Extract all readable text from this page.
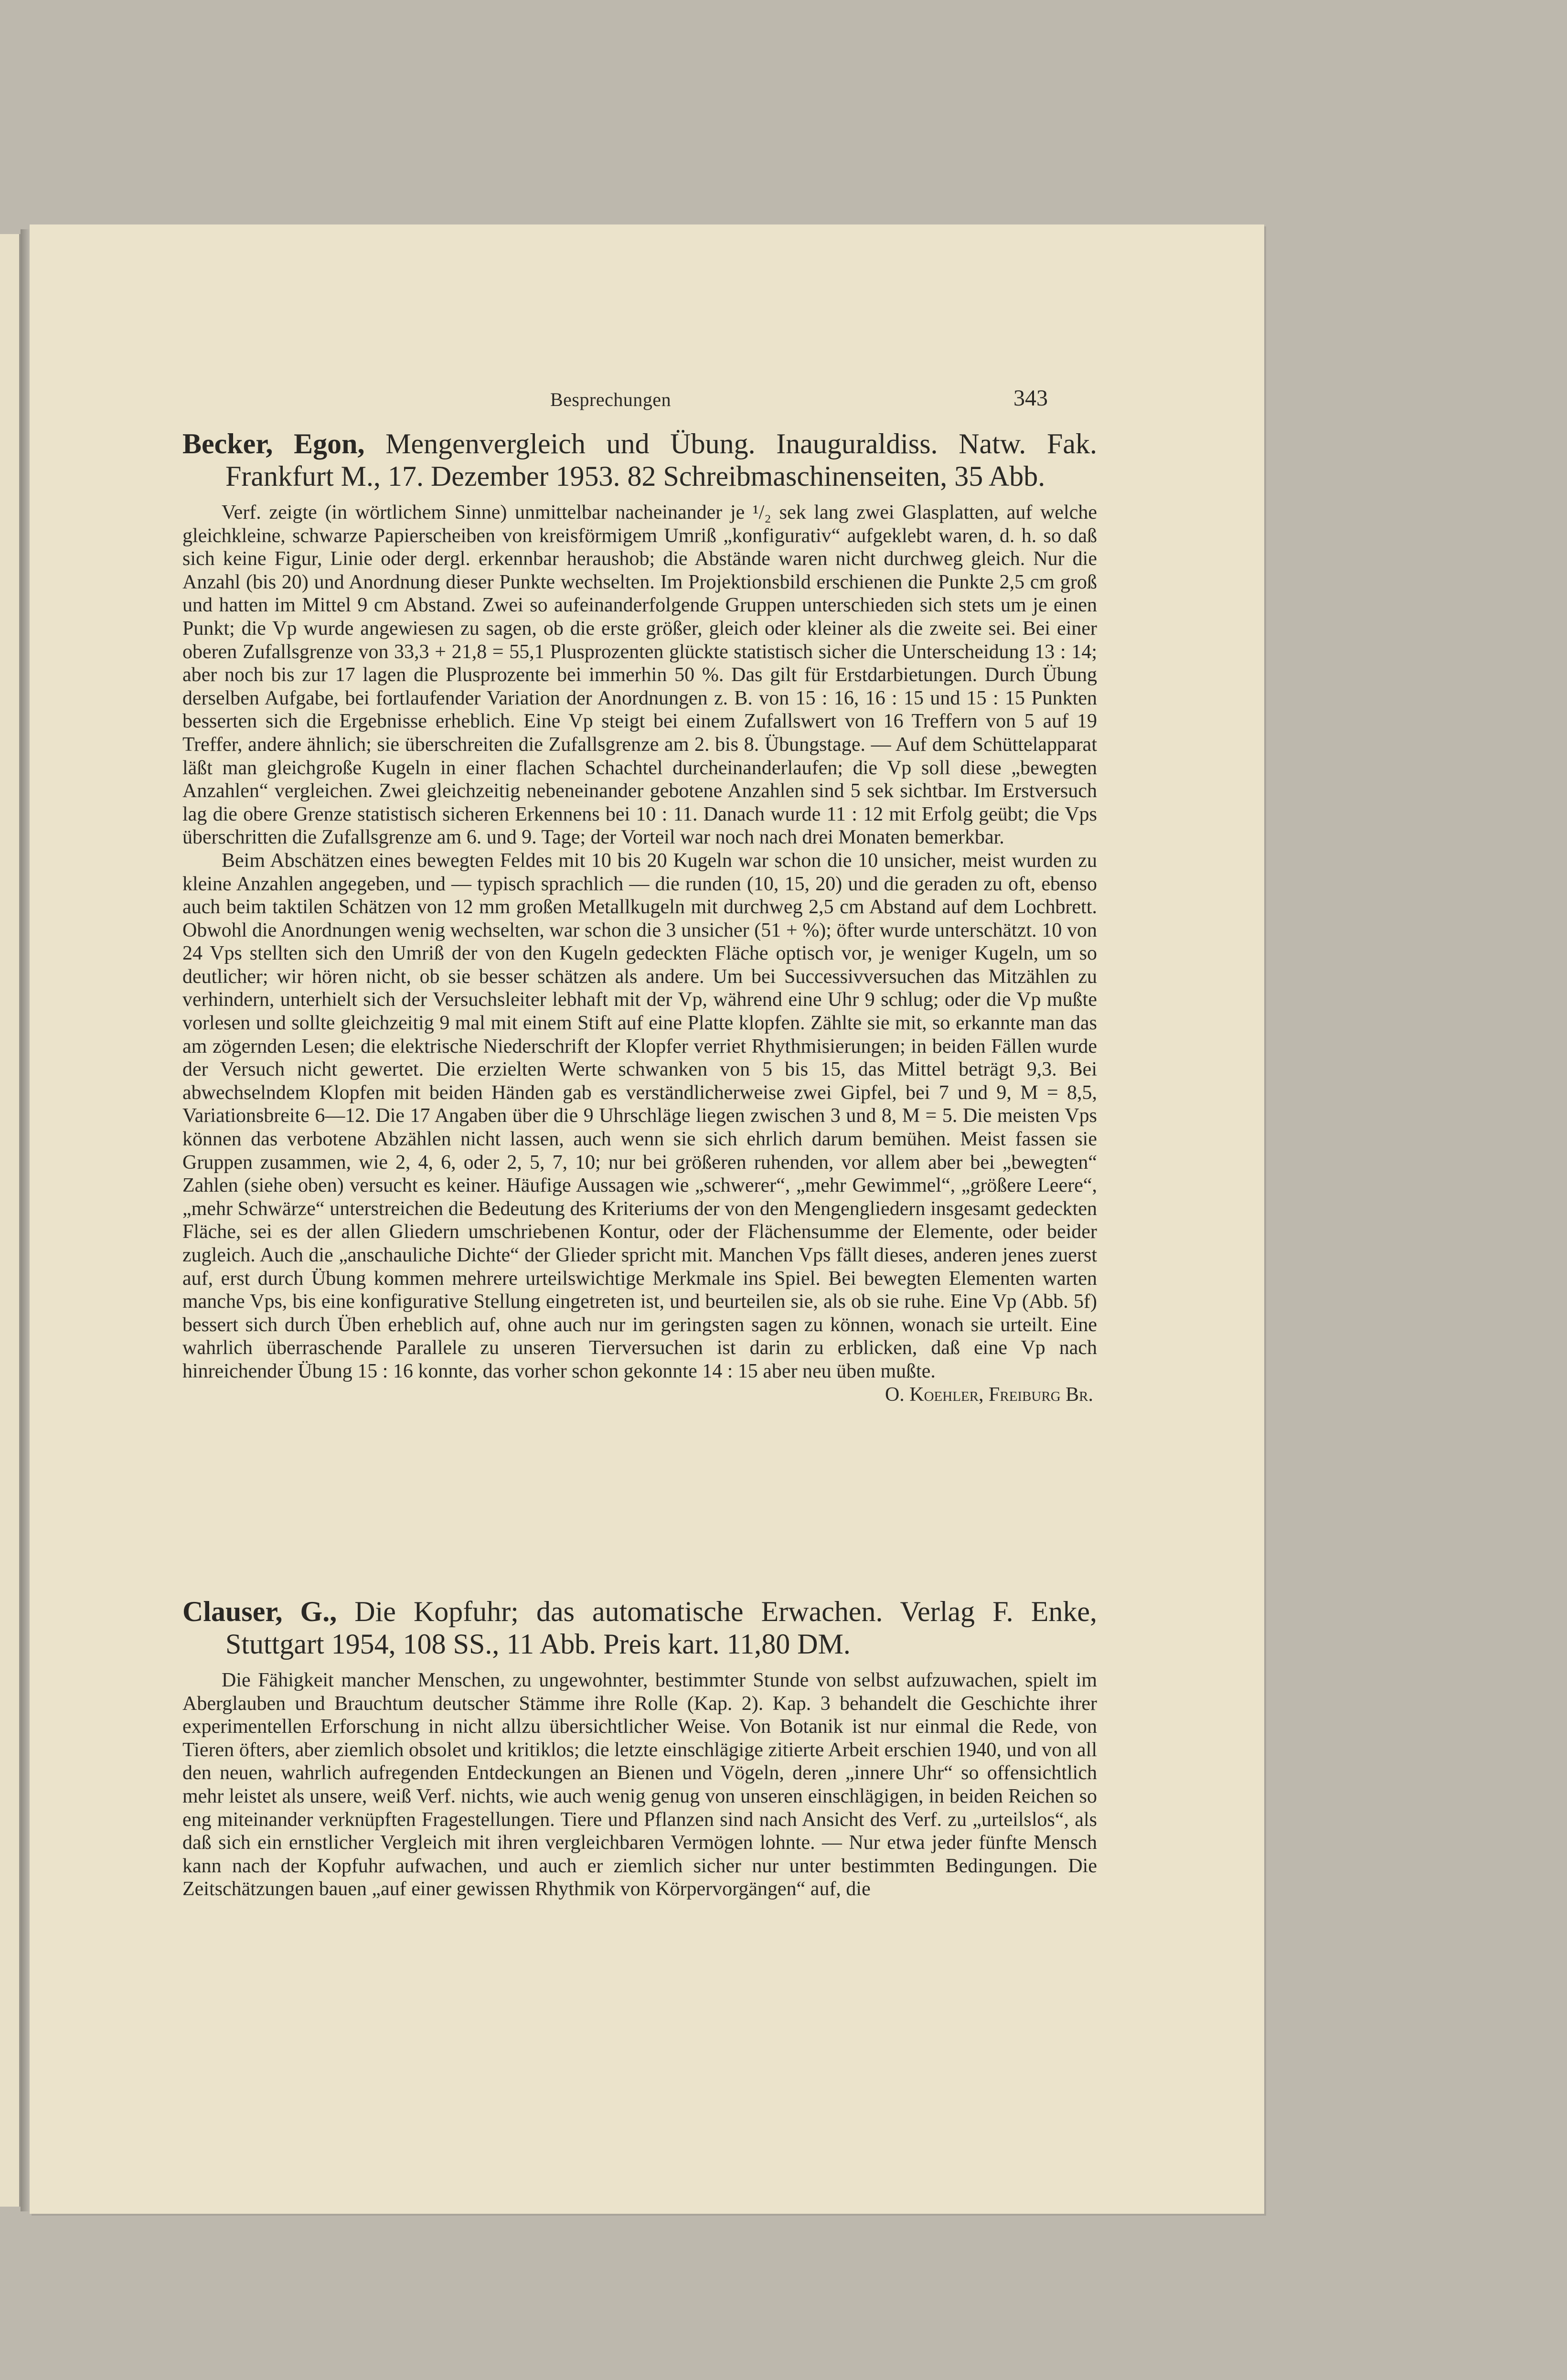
Besprechungen	343

Becker, Egon, Mengenvergleich und Übung. Inauguraldiss. Natw. Fak. Frankfurt M., 17. Dezember 1953. 82 Schreibmaschinenseiten, 35 Abb.

Verf. zeigte (in wörtlichem Sinne) unmittelbar nacheinander je ¹/₂ sek lang zwei Glasplatten, auf welche gleichkleine, schwarze Papierscheiben von kreisförmigem Umriß „konfigurativ“ aufgeklebt waren, d. h. so daß sich keine Figur, Linie oder dergl. erkennbar heraushob; die Abstände waren nicht durchweg gleich. Nur die Anzahl (bis 20) und Anordnung dieser Punkte wechselten. Im Projektionsbild erschienen die Punkte 2,5 cm groß und hatten im Mittel 9 cm Abstand. Zwei so aufeinanderfolgende Gruppen unterschieden sich stets um je einen Punkt; die Vp wurde angewiesen zu sagen, ob die erste größer, gleich oder kleiner als die zweite sei. Bei einer oberen Zufallsgrenze von 33,3 + 21,8 = 55,1 Plusprozenten glückte statistisch sicher die Unterscheidung 13 : 14; aber noch bis zur 17 lagen die Plusprozente bei immerhin 50 %. Das gilt für Erstdarbietungen. Durch Übung derselben Aufgabe, bei fortlaufender Variation der Anordnungen z. B. von 15 : 16, 16 : 15 und 15 : 15 Punkten besserten sich die Ergebnisse erheblich. Eine Vp steigt bei einem Zufallswert von 16 Treffern von 5 auf 19 Treffer, andere ähnlich; sie überschreiten die Zufallsgrenze am 2. bis 8. Übungstage. — Auf dem Schüttelapparat läßt man gleichgroße Kugeln in einer flachen Schachtel durcheinanderlaufen; die Vp soll diese „bewegten Anzahlen“ vergleichen. Zwei gleichzeitig nebeneinander gebotene Anzahlen sind 5 sek sichtbar. Im Erstversuch lag die obere Grenze statistisch sicheren Erkennens bei 10 : 11. Danach wurde 11 : 12 mit Erfolg geübt; die Vps überschritten die Zufallsgrenze am 6. und 9. Tage; der Vorteil war noch nach drei Monaten bemerkbar.

Beim Abschätzen eines bewegten Feldes mit 10 bis 20 Kugeln war schon die 10 unsicher, meist wurden zu kleine Anzahlen angegeben, und — typisch sprachlich — die runden (10, 15, 20) und die geraden zu oft, ebenso auch beim taktilen Schätzen von 12 mm großen Metallkugeln mit durchweg 2,5 cm Abstand auf dem Lochbrett. Obwohl die Anordnungen wenig wechselten, war schon die 3 unsicher (51 + %); öfter wurde unterschätzt. 10 von 24 Vps stellten sich den Umriß der von den Kugeln gedeckten Fläche optisch vor, je weniger Kugeln, um so deutlicher; wir hören nicht, ob sie besser schätzen als andere. Um bei Successivversuchen das Mitzählen zu verhindern, unterhielt sich der Versuchsleiter lebhaft mit der Vp, während eine Uhr 9 schlug; oder die Vp mußte vorlesen und sollte gleichzeitig 9 mal mit einem Stift auf eine Platte klopfen. Zählte sie mit, so erkannte man das am zögernden Lesen; die elektrische Niederschrift der Klopfer verriet Rhythmisierungen; in beiden Fällen wurde der Versuch nicht gewertet. Die erzielten Werte schwanken von 5 bis 15, das Mittel beträgt 9,3. Bei abwechselndem Klopfen mit beiden Händen gab es verständlicherweise zwei Gipfel, bei 7 und 9, M = 8,5, Variationsbreite 6—12. Die 17 Angaben über die 9 Uhrschläge liegen zwischen 3 und 8, M = 5. Die meisten Vps können das verbotene Abzählen nicht lassen, auch wenn sie sich ehrlich darum bemühen. Meist fassen sie Gruppen zusammen, wie 2, 4, 6, oder 2, 5, 7, 10; nur bei größeren ruhenden, vor allem aber bei „bewegten“ Zahlen (siehe oben) versucht es keiner. Häufige Aussagen wie „schwerer“, „mehr Gewimmel“, „größere Leere“, „mehr Schwärze“ unterstreichen die Bedeutung des Kriteriums der von den Mengengliedern insgesamt gedeckten Fläche, sei es der allen Gliedern umschriebenen Kontur, oder der Flächensumme der Elemente, oder beider zugleich. Auch die „anschauliche Dichte“ der Glieder spricht mit. Manchen Vps fällt dieses, anderen jenes zuerst auf, erst durch Übung kommen mehrere urteilswichtige Merkmale ins Spiel. Bei bewegten Elementen warten manche Vps, bis eine konfigurative Stellung eingetreten ist, und beurteilen sie, als ob sie ruhe. Eine Vp (Abb. 5f) bessert sich durch Üben erheblich auf, ohne auch nur im geringsten sagen zu können, wonach sie urteilt. Eine wahrlich überraschende Parallele zu unseren Tierversuchen ist darin zu erblicken, daß eine Vp nach hinreichender Übung 15 : 16 konnte, das vorher schon gekonnte 14 : 15 aber neu üben mußte.

O. Koehler, Freiburg Br.

Clauser, G., Die Kopfuhr; das automatische Erwachen. Verlag F. Enke, Stuttgart 1954, 108 SS., 11 Abb. Preis kart. 11,80 DM.

Die Fähigkeit mancher Menschen, zu ungewohnter, bestimmter Stunde von selbst aufzuwachen, spielt im Aberglauben und Brauchtum deutscher Stämme ihre Rolle (Kap. 2). Kap. 3 behandelt die Geschichte ihrer experimentellen Erforschung in nicht allzu übersichtlicher Weise. Von Botanik ist nur einmal die Rede, von Tieren öfters, aber ziemlich obsolet und kritiklos; die letzte einschlägige zitierte Arbeit erschien 1940, und von all den neuen, wahrlich aufregenden Entdeckungen an Bienen und Vögeln, deren „innere Uhr“ so offensichtlich mehr leistet als unsere, weiß Verf. nichts, wie auch wenig genug von unseren einschlägigen, in beiden Reichen so eng miteinander verknüpften Fragestellungen. Tiere und Pflanzen sind nach Ansicht des Verf. zu „urteilslos“, als daß sich ein ernstlicher Vergleich mit ihren vergleichbaren Vermögen lohnte. — Nur etwa jeder fünfte Mensch kann nach der Kopfuhr aufwachen, und auch er ziemlich sicher nur unter bestimmten Bedingungen. Die Zeitschätzungen bauen „auf einer gewissen Rhythmik von Körpervorgängen“ auf, die
